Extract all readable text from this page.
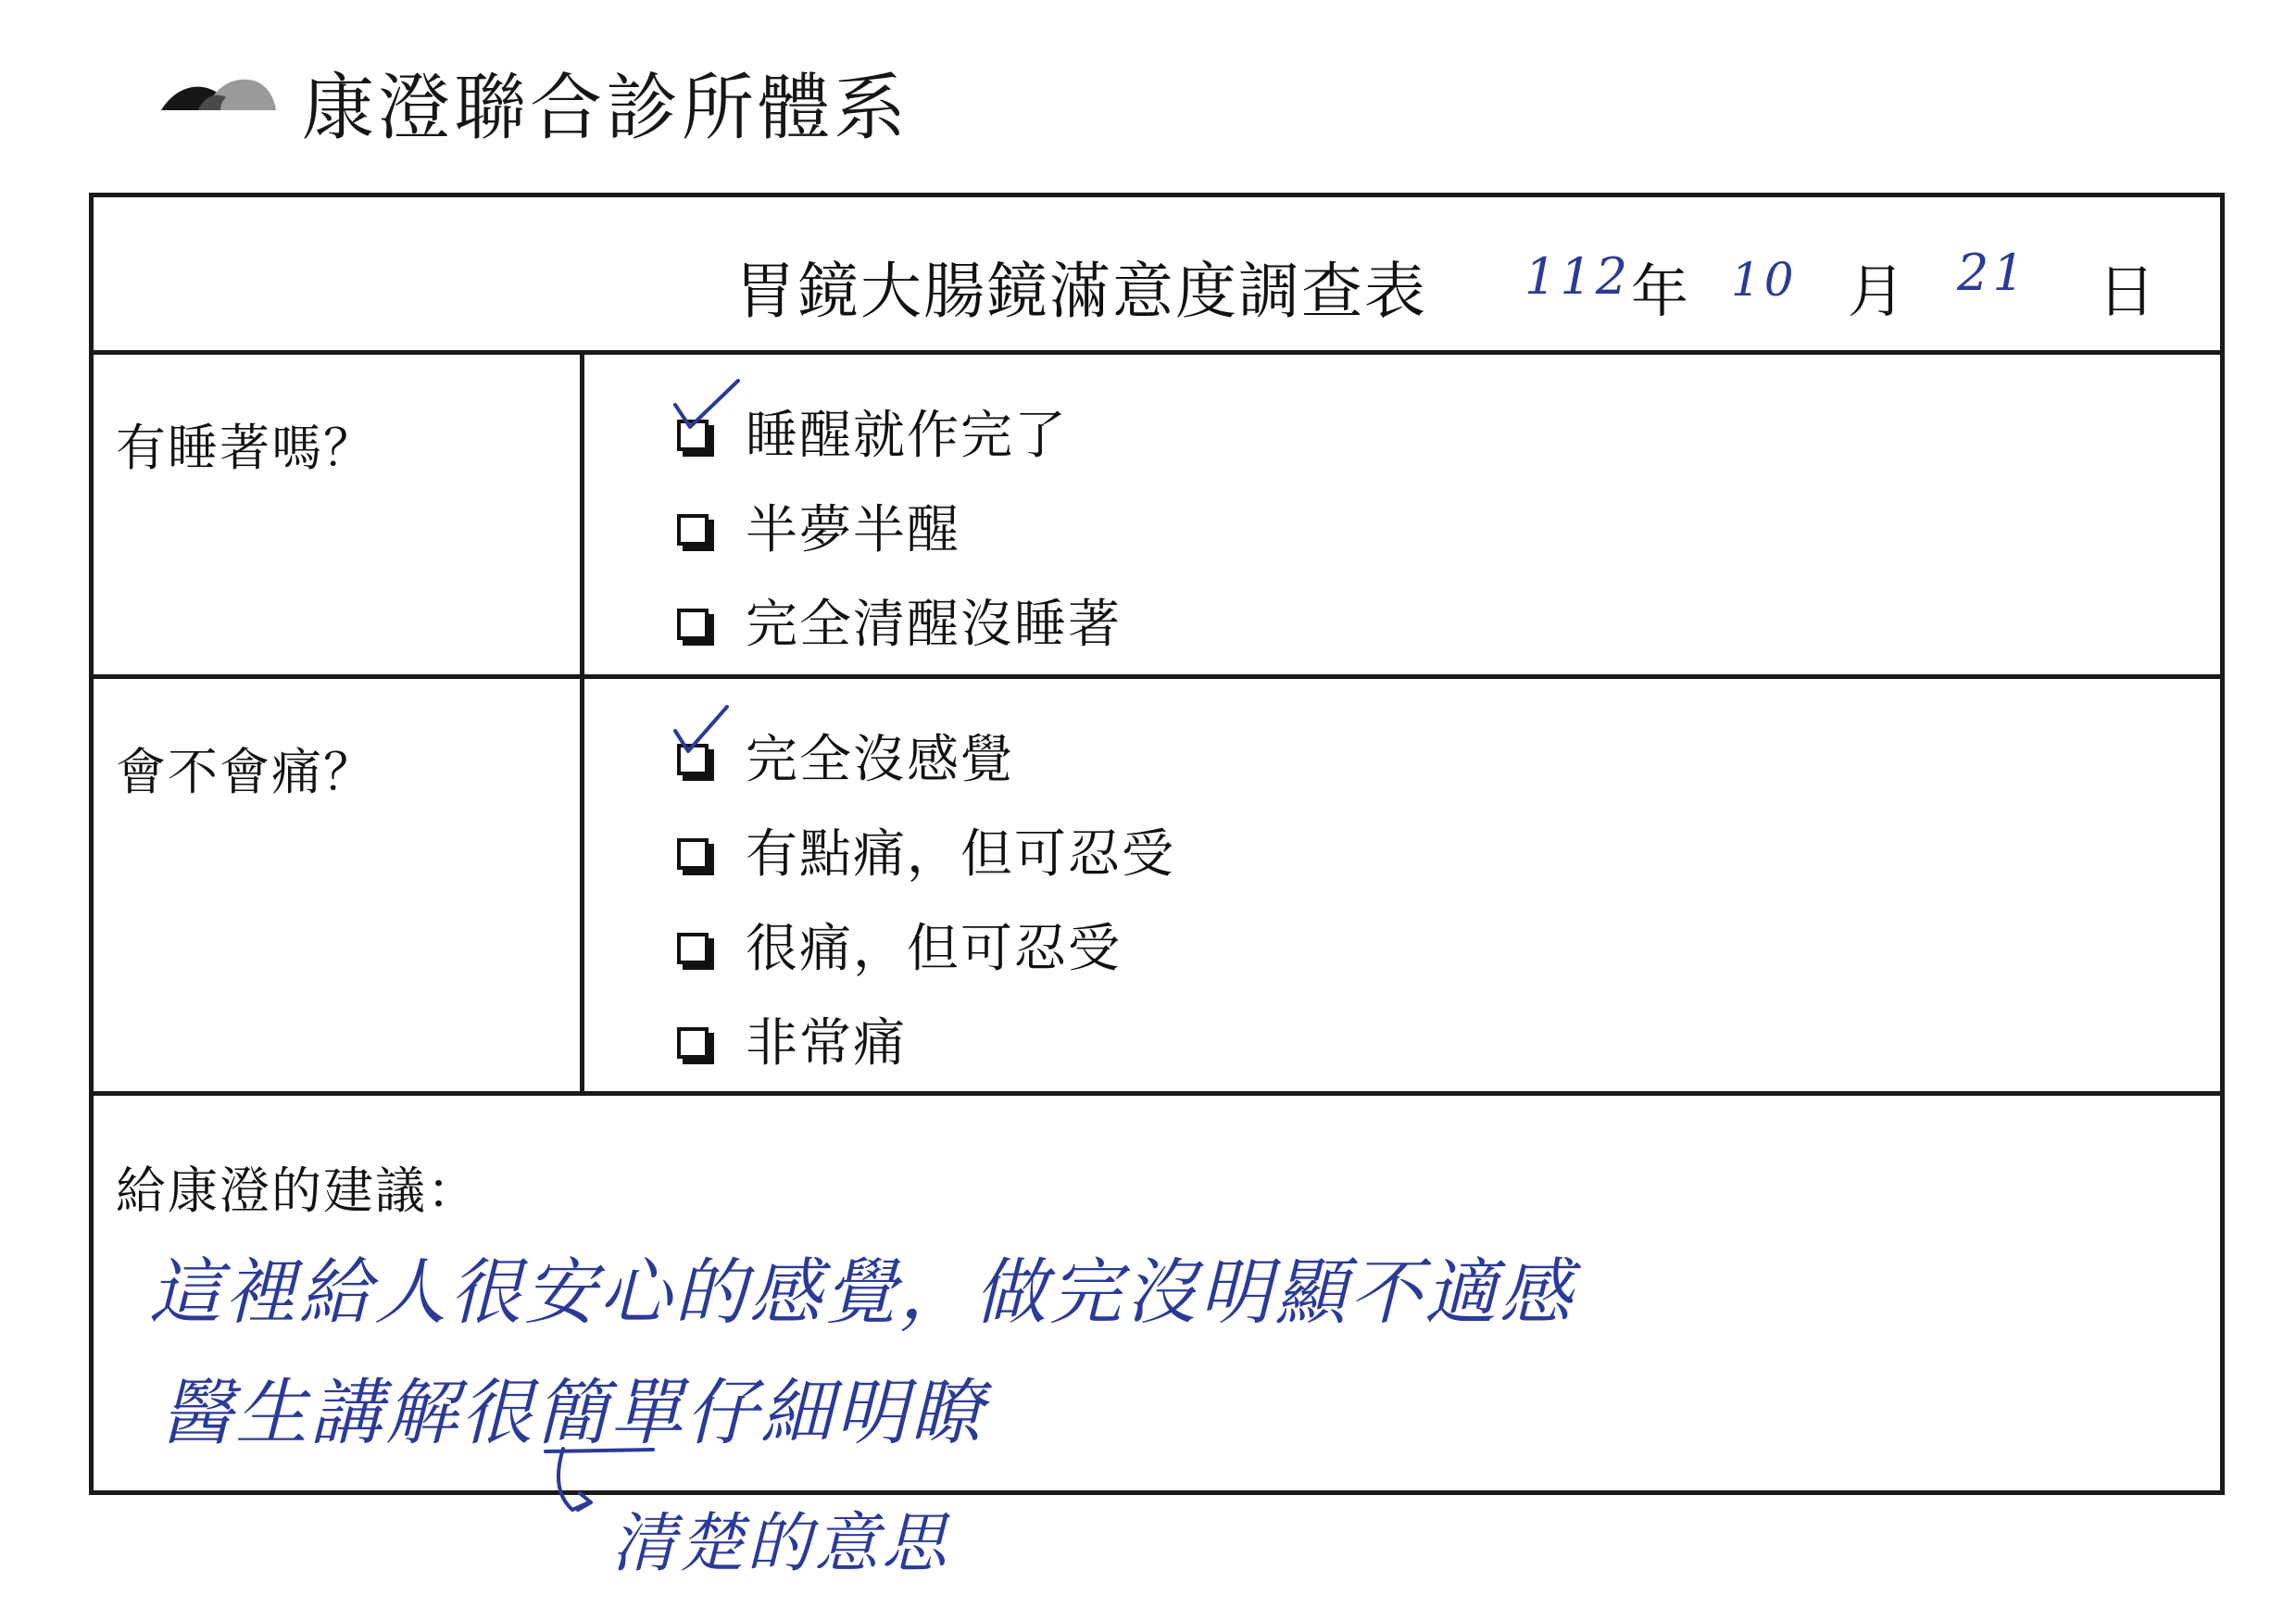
康澄聯合診所體系
胃鏡大腸鏡滿意度調查表 112 年 10 月 21 日
有睡著嗎？	睡醒就作完了
半夢半醒
完全清醒沒睡著
會不會痛？	完全沒感覺
有點痛，但可忍受
很痛，但可忍受
非常痛
給康澄的建議：
這裡給人很安心的感覺，做完沒明顯不適感
醫生講解很簡單仔細明瞭
清楚的意思
